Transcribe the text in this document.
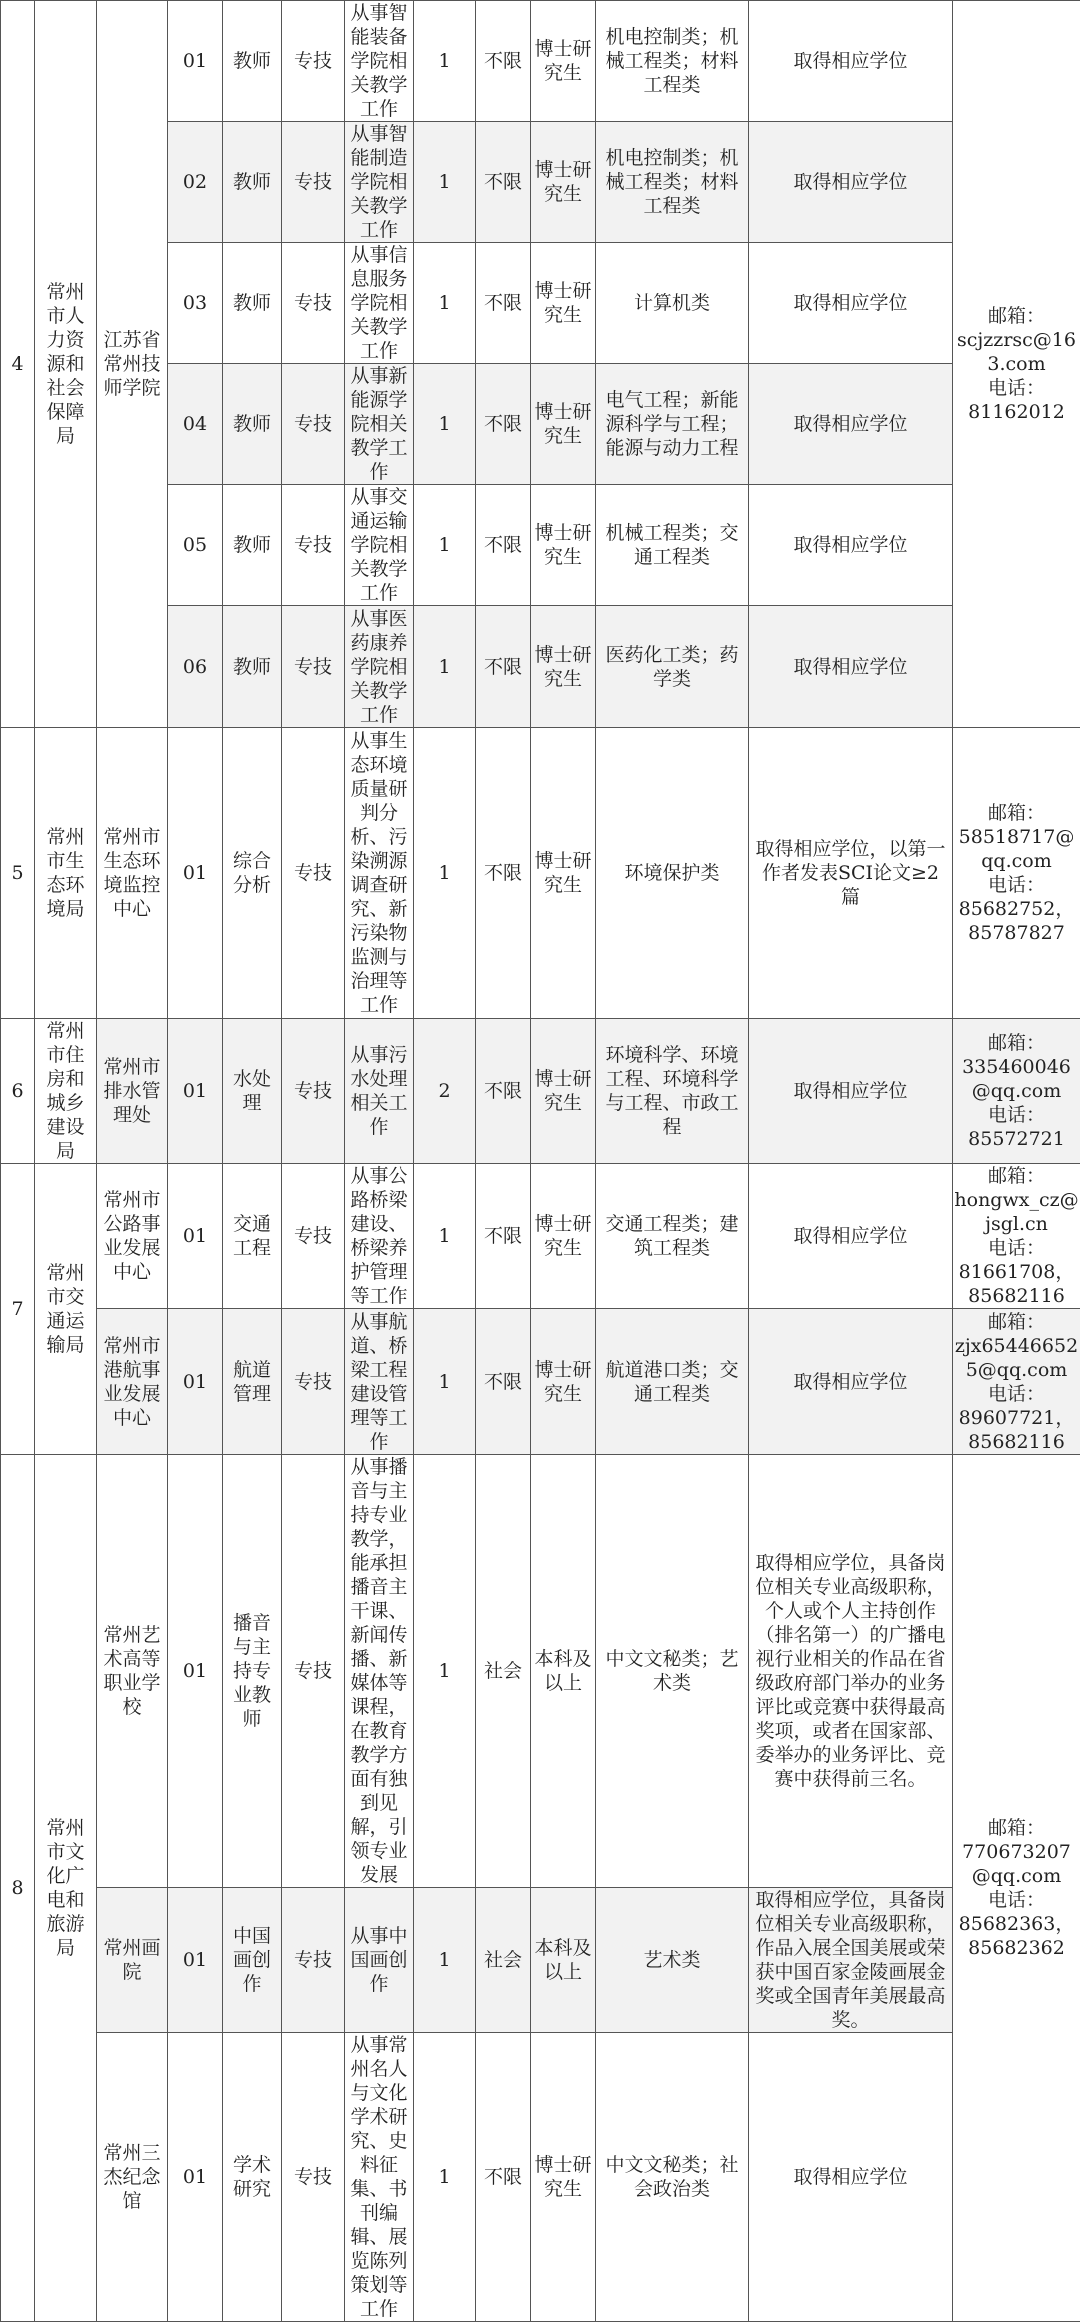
4	常州市人力资源和社会保障局	江苏省常州技师学院	01	教师	专技	从事智能装备学院相关教学工作	1	不限	博士研究生	机电控制类；机械工程类；材料工程类	取得相应学位	邮箱：
scjzzrsc@163.com
电话：
81162012

			02	教师	专技	从事智能制造学院相关教学工作	1	不限	博士研究生	机电控制类；机械工程类；材料工程类	取得相应学位	
			03	教师	专技	从事信息服务学院相关教学工作	1	不限	博士研究生	计算机类	取得相应学位	
			04	教师	专技	从事新能源学院相关教学工作	1	不限	博士研究生	电气工程；新能源科学与工程；能源与动力工程	取得相应学位	
			05	教师	专技	从事交通运输学院相关教学工作	1	不限	博士研究生	机械工程类；交通工程类	取得相应学位	
			06	教师	专技	从事医药康养学院相关教学工作	1	不限	博士研究生	医药化工类；药学类	取得相应学位	
5	常州市生态环境局	常州市生态环境监控中心	01	综合分析	专技	从事生态环境质量研判分析、污染溯源调查研究、新污染物监测与治理等工作	1	不限	博士研究生	环境保护类	取得相应学位，以第一作者发表SCI论文≥2篇	邮箱：
58518717@qq.com
电话：
85682752，
85787827

6	常州市住房和城乡建设局	常州市排水管理处	01	水处理	专技	从事污水处理相关工作	2	不限	博士研究生	环境科学、环境工程、环境科学与工程、市政工程	取得相应学位	邮箱：
335460046@qq.com
电话：
85572721

7	常州市交通运输局	常州市公路事业发展中心	01	交通工程	专技	从事公路桥梁建设、桥梁养护管理等工作	1	不限	博士研究生	交通工程类；建筑工程类	取得相应学位	邮箱：
hongwx_cz@jsgl.cn
电话：
81661708，
85682116

		常州市港航事业发展中心	01	航道管理	专技	从事航道、桥梁工程建设管理等工作	1	不限	博士研究生	航道港口类；交通工程类	取得相应学位	邮箱：
zjx654466525@qq.com
电话：
89607721，
85682116

8	常州市文化广电和旅游局	常州艺术高等职业学校	01	播音与主持专业教师	专技	从事播音与主持专业教学，能承担播音主干课、新闻传播、新媒体等课程，在教育教学方面有独到见解，引领专业发展	1	社会	本科及以上	中文文秘类；艺术类	取得相应学位，具备岗位相关专业高级职称，个人或个人主持创作（排名第一）的广播电视行业相关的作品在省级政府部门举办的业务评比或竞赛中获得最高奖项，或者在国家部、委举办的业务评比、竞赛中获得前三名。	邮箱：
770673207@qq.com
电话：
85682363，
85682362

		常州画院	01	中国画创作	专技	从事中国画创作	1	社会	本科及以上	艺术类	取得相应学位，具备岗位相关专业高级职称，作品入展全国美展或荣获中国百家金陵画展金奖或全国青年美展最高奖。	
		常州三杰纪念馆	01	学术研究	专技	从事常州名人与文化学术研究、史料征集、书刊编辑、展览陈列策划等工作	1	不限	博士研究生	中文文秘类；社会政治类	取得相应学位	
